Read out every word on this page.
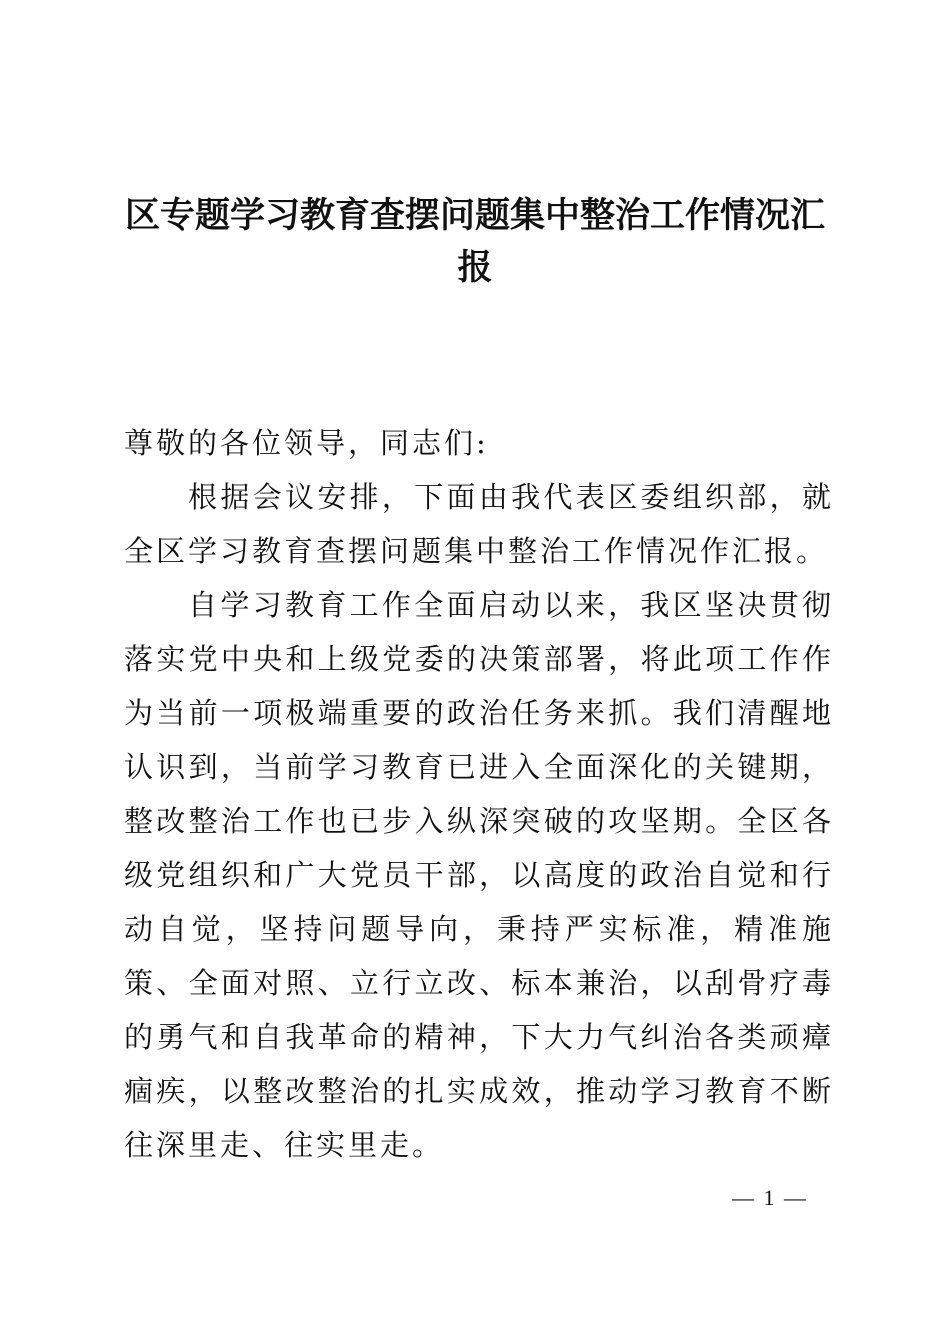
区专题学习教育查摆问题集中整治工作情况汇报

尊敬的各位领导，同志们:

根据会议安排，下面由我代表区委组织部，就全区学习教育查摆问题集中整治工作情况作汇报。

自学习教育工作全面启动以来，我区坚决贯彻落实党中央和上级党委的决策部署，将此项工作作为当前一项极端重要的政治任务来抓。我们清醒地认识到，当前学习教育已进入全面深化的关键期，整改整治工作也已步入纵深突破的攻坚期。全区各级党组织和广大党员干部，以高度的政治自觉和行动自觉，坚持问题导向，秉持严实标准，精准施策、全面对照、立行立改、标本兼治，以刮骨疗毒的勇气和自我革命的精神，下大力气纠治各类顽瘴痼疾，以整改整治的扎实成效，推动学习教育不断往深里走、往实里走。

— 1 —
